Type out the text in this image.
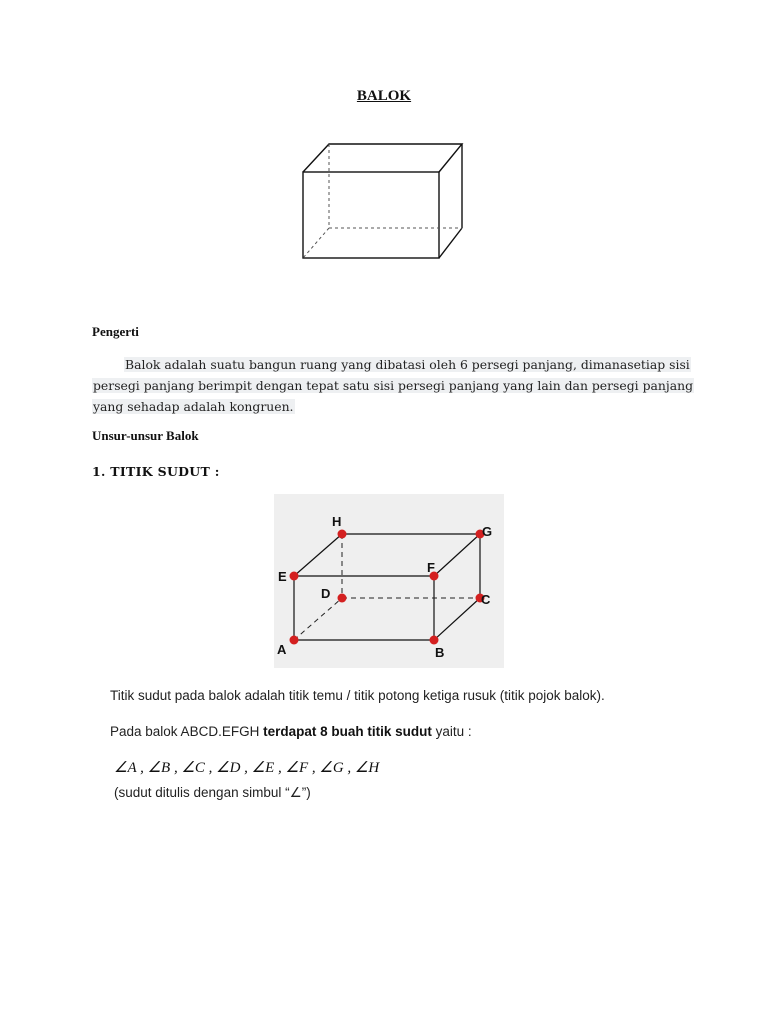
BALOK
Pengerti
Balok adalah suatu bangun ruang yang dibatasi oleh 6 persegi panjang, dimanasetiap sisi
persegi panjang berimpit dengan tepat satu sisi persegi panjang yang lain dan persegi panjang
yang sehadap adalah kongruen.
Unsur-unsur Balok
1. TITIK SUDUT :
A	B
C
D
E
F
G
H
Titik sudut pada balok adalah titik temu / titik potong ketiga rusuk (titik pojok balok).
Pada balok ABCD.EFGH terdapat 8 buah titik sudut yaitu :
∠A , ∠B , ∠C , ∠D , ∠E , ∠F , ∠G , ∠H
(sudut ditulis dengan simbul “∠”)
